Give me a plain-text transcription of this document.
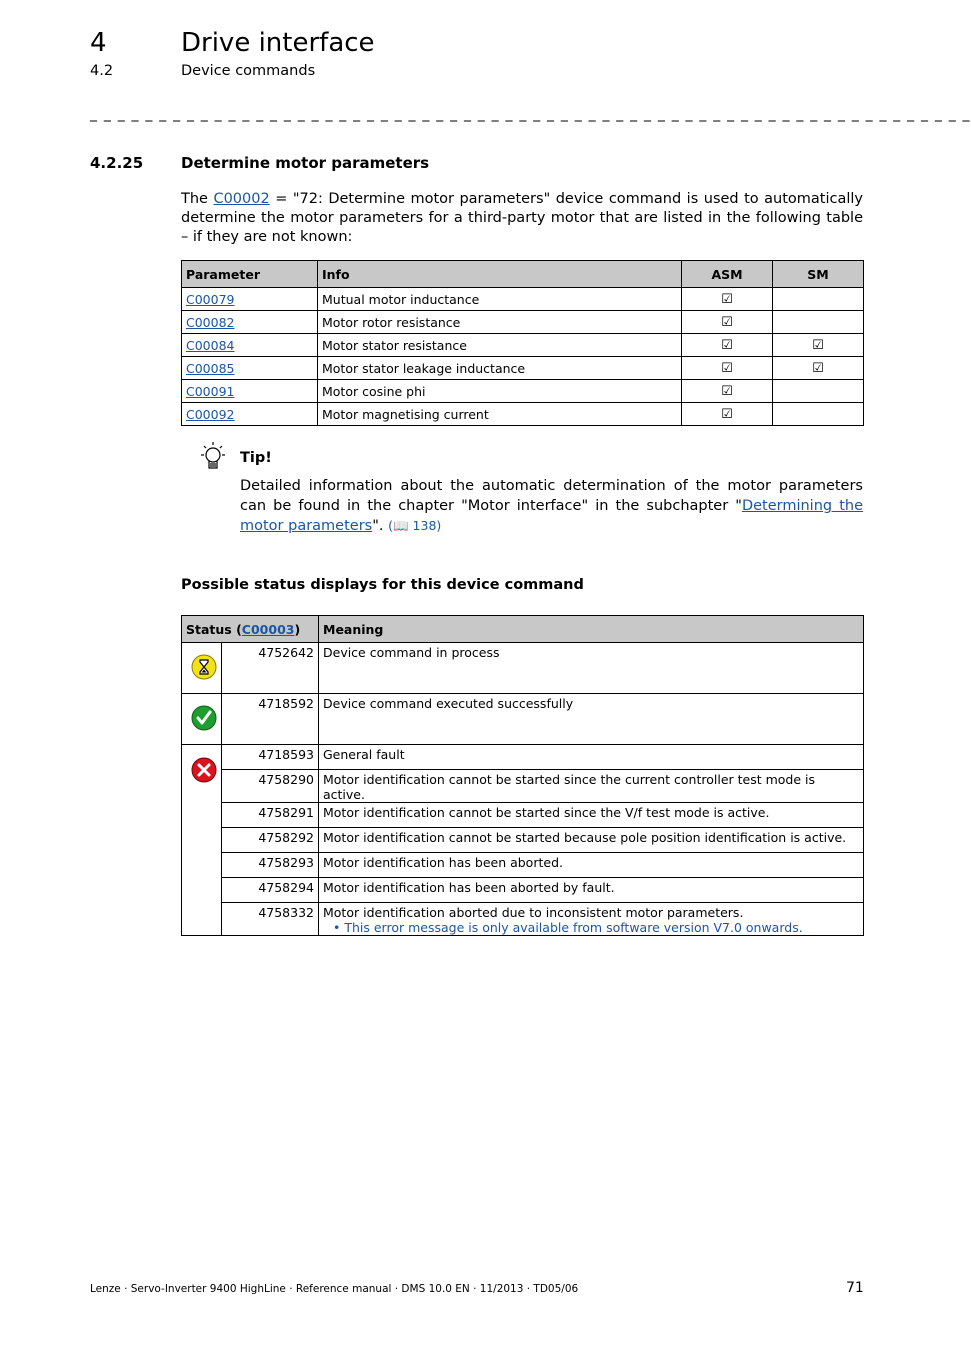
4	Drive interface
4.2	Device commands
_ _ _ _ _ _ _ _ _ _ _ _ _ _ _ _ _ _ _ _ _ _ _ _ _ _ _ _ _ _ _ _ _ _ _ _ _ _ _ _ _ _ _ _ _ _ _ _ _ _ _ _ _ _ _ _ _ _ _ _ _ _ _ _
4.2.25	Determine motor parameters
The C00002 = "72: Determine motor parameters" device command is used to automatically determine the motor parameters for a third-party motor that are listed in the following table – if they are not known:
Parameter	Info	ASM	SM
C00079	Mutual motor inductance	☑	
C00082	Motor rotor resistance	☑	
C00084	Motor stator resistance	☑	☑
C00085	Motor stator leakage inductance	☑	☑
C00091	Motor cosine phi	☑	
C00092	Motor magnetising current	☑	
Tip!
Detailed information about the automatic determination of the motor parameters can be found in the chapter "Motor interface" in the subchapter "Determining the motor parameters". (📖 138)
Possible status displays for this device command
Status (C00003)		Meaning

	4752642	Device command in process

	4718592	Device command executed successfully

	4718593	General fault

	4758290	Motor identification cannot be started since the current controller test mode is active.

	4758291	Motor identification cannot be started since the V/f test mode is active.

	4758292	Motor identification cannot be started because pole position identification is active.

	4758293	Motor identification has been aborted.

	4758294	Motor identification has been aborted by fault.

	4758332	Motor identification aborted due to inconsistent motor parameters.
• This error message is only available from software version V7.0 onwards.
Lenze · Servo-Inverter 9400 HighLine · Reference manual · DMS 10.0 EN · 11/2013 · TD05/06	71
